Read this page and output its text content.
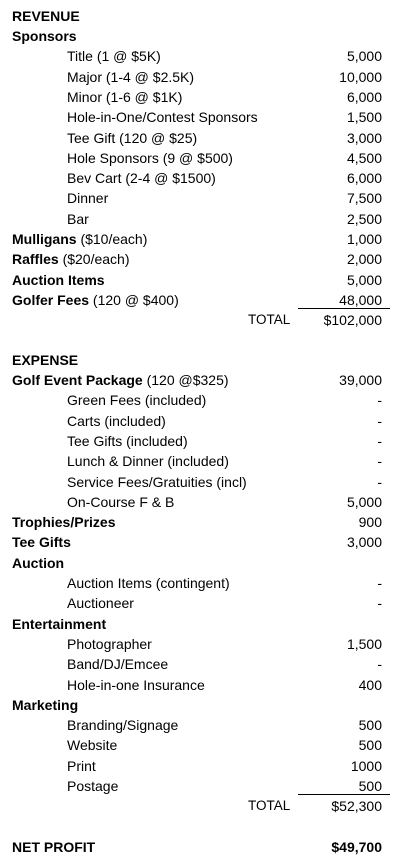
REVENUE
Sponsors
Title (1 @ $5K)	5,000
Major (1-4 @ $2.5K)	10,000
Minor (1-6 @ $1K)	6,000
Hole-in-One/Contest Sponsors	1,500
Tee Gift (120 @ $25)	3,000
Hole Sponsors (9 @ $500)	4,500
Bev Cart (2-4 @ $1500)	6,000
Dinner	7,500
Bar	2,500
Mulligans ($10/each)	1,000
Raffles ($20/each)	2,000
Auction Items	5,000
Golfer Fees (120 @ $400)	48,000
TOTAL $102,000
EXPENSE
Golf Event Package (120 @$325)	39,000
Green Fees (included)	-
Carts (included)	-
Tee Gifts (included)	-
Lunch & Dinner (included)	-
Service Fees/Gratuities (incl)	-
On-Course F & B	5,000
Trophies/Prizes	900
Tee Gifts	3,000
Auction
Auction Items (contingent)	-
Auctioneer	-
Entertainment
Photographer	1,500
Band/DJ/Emcee	-
Hole-in-one Insurance	400
Marketing
Branding/Signage	500
Website	500
Print	1000
Postage	500
TOTAL	$52,300
NET PROFIT	$49,700
